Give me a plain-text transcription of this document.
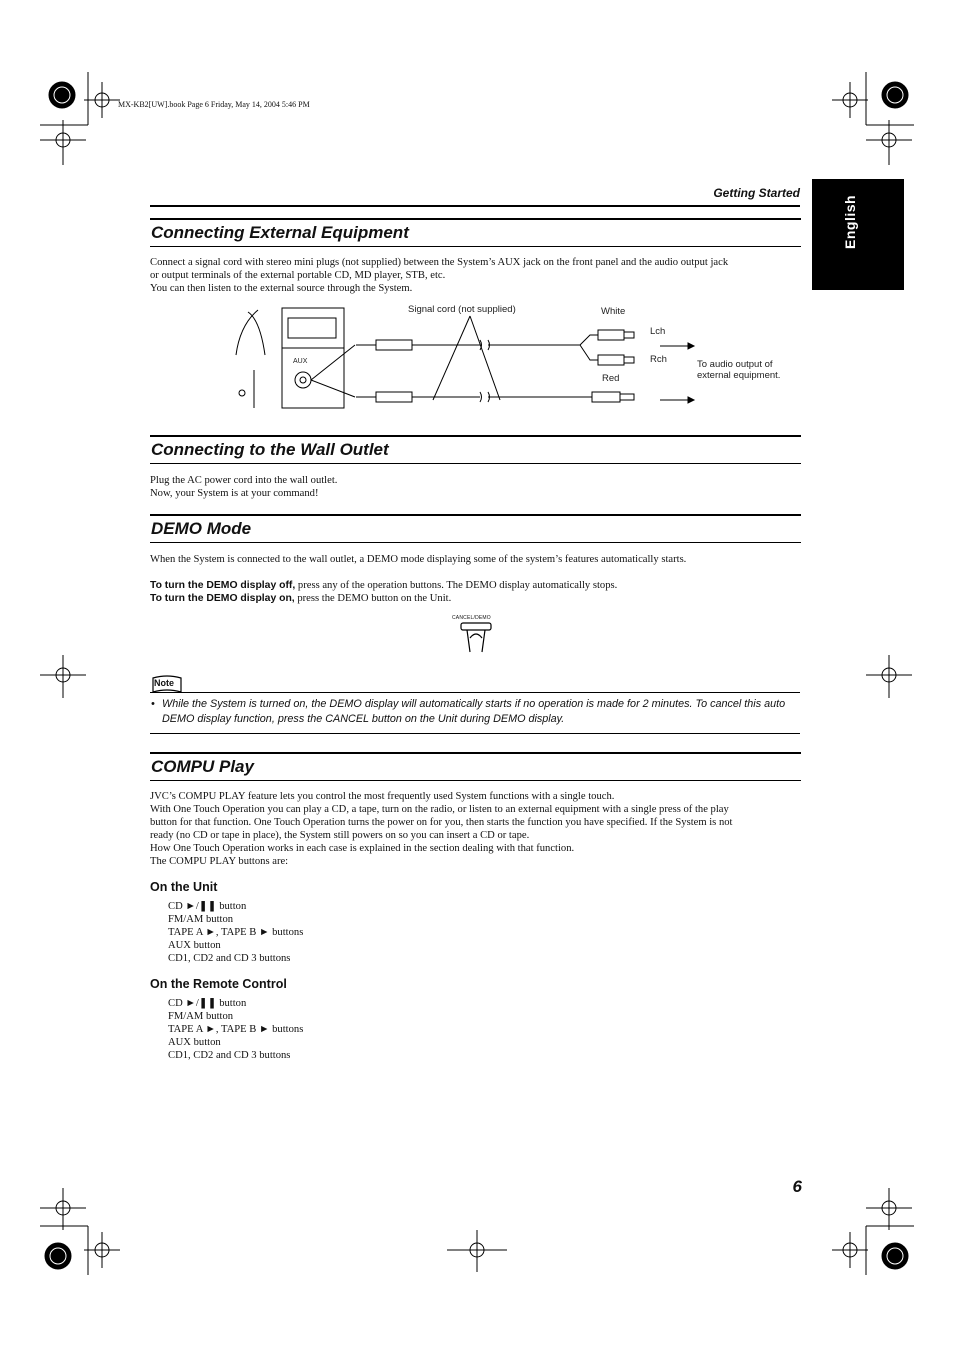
MX-KB2[UW].book Page 6 Friday, May 14, 2004 5:46 PM
Getting Started
English
Connecting External Equipment

Connect a signal cord with stereo mini plugs (not supplied) between the System’s AUX jack on the front panel and the audio output jack

or output terminals of the external portable CD, MD player, STB, etc.

You can then listen to the external source through the System.

Signal cord (not supplied)	White
Lch
Rch
Red
AUX	To audio output of
external equipment.
Connecting to the Wall Outlet

Plug the AC power cord into the wall outlet.

Now, your System is at your command!

DEMO Mode
When the System is connected to the wall outlet, a DEMO mode displaying some of the system’s features automatically starts.

To turn the DEMO display off, press any of the operation buttons. The DEMO display automatically stops.

To turn the DEMO display on, press the DEMO button on the Unit.

CANCEL/DEMO
Note
• While the System is turned on, the DEMO display will automatically starts if no operation is made for 2 minutes. To cancel this auto DEMO display function, press the CANCEL button on the Unit during DEMO display.
COMPU Play

JVC’s COMPU PLAY feature lets you control the most frequently used System functions with a single touch.

With One Touch Operation you can play a CD, a tape, turn on the radio, or listen to an external equipment with a single press of the play

button for that function. One Touch Operation turns the power on for you, then starts the function you have specified. If the System is not

ready (no CD or tape in place), the System still powers on so you can insert a CD or tape.

How One Touch Operation works in each case is explained in the section dealing with that function.

The COMPU PLAY buttons are:

On the Unit
CD ►/❚❚ button
FM/AM button
TAPE A ►, TAPE B ► buttons
AUX button
CD1, CD2 and CD 3 buttons
On the Remote Control
CD ►/❚❚ button
FM/AM button
TAPE A ►, TAPE B ► buttons
AUX button
CD1, CD2 and CD 3 buttons
6
